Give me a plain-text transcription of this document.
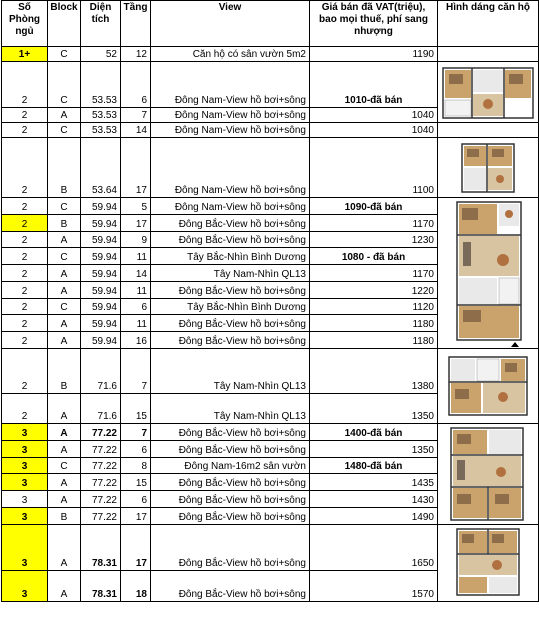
Số Phòng ngủ	Block	Diện tích	Tầng	View	Giá bán đã VAT(triệu), bao mọi thuế, phí sang nhượng	Hình dáng căn hộ
1+	C	52	12	Căn hộ có sân vườn 5m2	1190	
2	C	53.53	6	Đông Nam-View hồ bơi+sông	1010-đã bán	

2	A	53.53	7	Đông Nam-View hồ bơi+sông	1040	
2	C	53.53	14	Đông Nam-View hồ bơi+sông	1040	
2	B	53.64	17	Đông Nam-View hồ bơi+sông	1100	

2	C	59.94	5	Đông Nam-View hồ bơi+sông	1090-đã bán	

2	B	59.94	17	Đông Bắc-View hồ bơi+sông	1170	
2	A	59.94	9	Đông Bắc-View hồ bơi+sông	1230	
2	C	59.94	11	Tây Bắc-Nhìn Bình Dương	1080 - đã bán	
2	A	59.94	14	Tây Nam-Nhìn QL13	1170	
2	A	59.94	11	Đông Bắc-View hồ bơi+sông	1220	
2	C	59.94	6	Tây Bắc-Nhìn Bình Dương	1120	
2	A	59.94	11	Đông Bắc-View hồ bơi+sông	1180	
2	A	59.94	16	Đông Bắc-View hồ bơi+sông	1180	
2	B	71.6	7	Tây Nam-Nhìn QL13	1380	

2	A	71.6	15	Tây Nam-Nhìn QL13	1350	
3	A	77.22	7	Đông Bắc-View hồ bơi+sông	1400-đã bán	

3	A	77.22	6	Đông Bắc-View hồ bơi+sông	1350	
3	C	77.22	8	Đông Nam-16m2 sân vườn	1480-đã bán	
3	A	77.22	15	Đông Bắc-View hồ bơi+sông	1435	
3	A	77.22	6	Đông Bắc-View hồ bơi+sông	1430	
3	B	77.22	17	Đông Bắc-View hồ bơi+sông	1490	
3	A	78.31	17	Đông Bắc-View hồ bơi+sông	1650	

3	A	78.31	18	Đông Bắc-View hồ bơi+sông	1570	
